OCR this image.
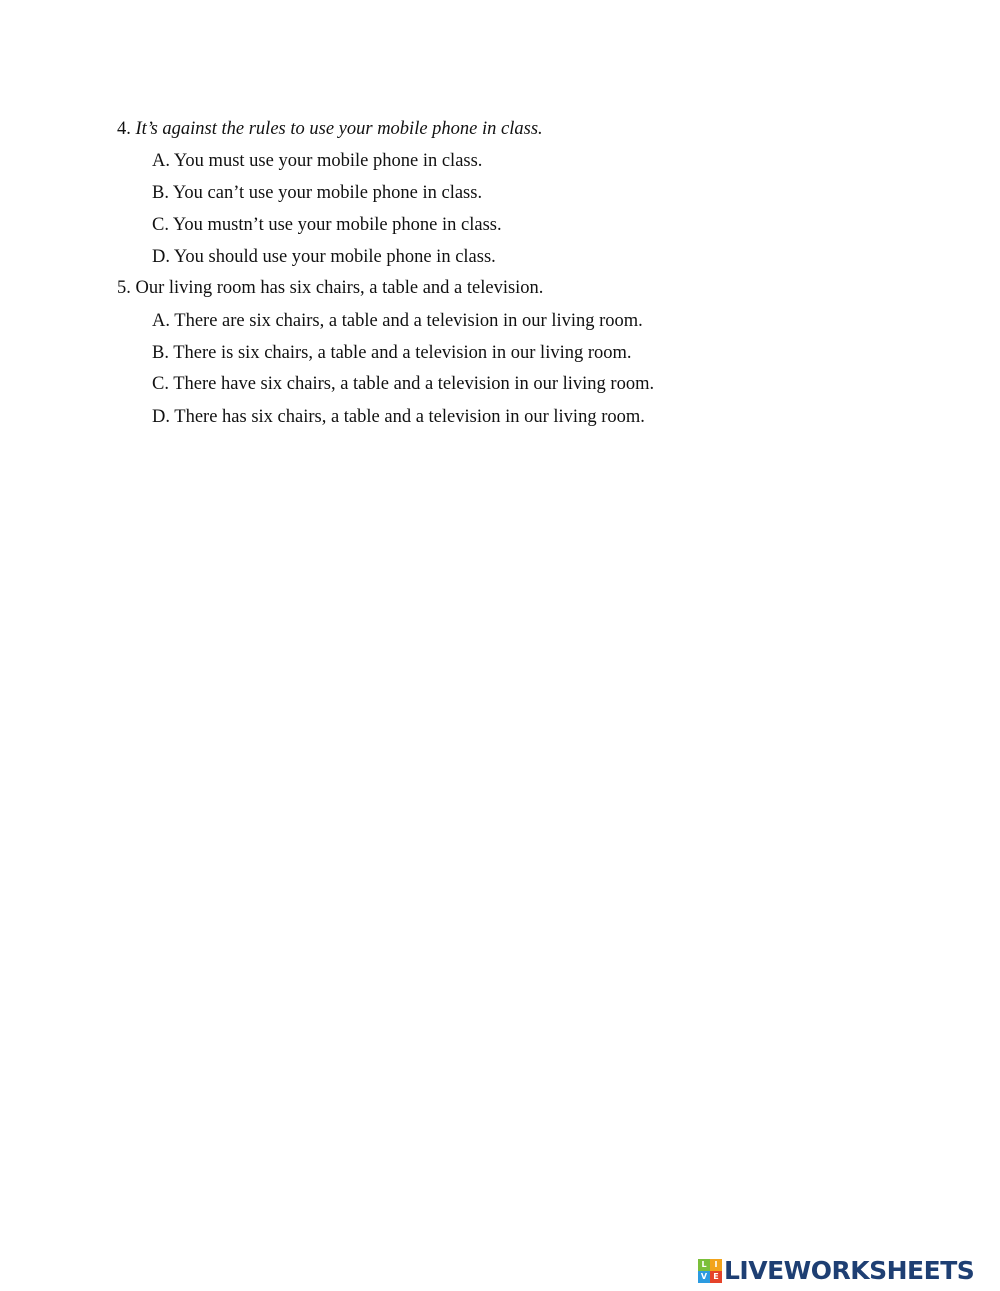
4. It’s against the rules to use your mobile phone in class.
A. You must use your mobile phone in class.
B. You can’t use your mobile phone in class.
C. You mustn’t use your mobile phone in class.
D. You should use your mobile phone in class.
5. Our living room has six chairs, a table and a television.
A. There are six chairs, a table and a television in our living room.
B. There is six chairs, a table and a television in our living room.
C. There have six chairs, a table and a television in our living room.
D. There has six chairs, a table and a television in our living room.
L I
V E LIVEWORKSHEETS
